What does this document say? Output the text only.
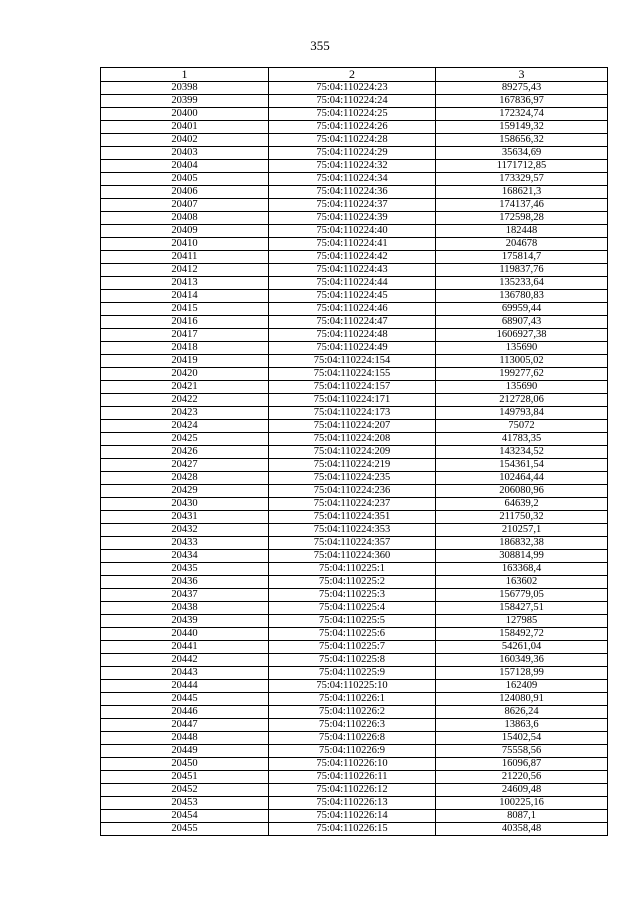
355
1	2	3
20398	75:04:110224:23	89275,43
20399	75:04:110224:24	167836,97
20400	75:04:110224:25	172324,74
20401	75:04:110224:26	159149,32
20402	75:04:110224:28	158656,32
20403	75:04:110224:29	35634,69
20404	75:04:110224:32	1171712,85
20405	75:04:110224:34	173329,57
20406	75:04:110224:36	168621,3
20407	75:04:110224:37	174137,46
20408	75:04:110224:39	172598,28
20409	75:04:110224:40	182448
20410	75:04:110224:41	204678
20411	75:04:110224:42	175814,7
20412	75:04:110224:43	119837,76
20413	75:04:110224:44	135233,64
20414	75:04:110224:45	136780,83
20415	75:04:110224:46	69959,44
20416	75:04:110224:47	68907,43
20417	75:04:110224:48	1606927,38
20418	75:04:110224:49	135690
20419	75:04:110224:154	113005,02
20420	75:04:110224:155	199277,62
20421	75:04:110224:157	135690
20422	75:04:110224:171	212728,06
20423	75:04:110224:173	149793,84
20424	75:04:110224:207	75072
20425	75:04:110224:208	41783,35
20426	75:04:110224:209	143234,52
20427	75:04:110224:219	154361,54
20428	75:04:110224:235	102464,44
20429	75:04:110224:236	206080,96
20430	75:04:110224:237	64639,2
20431	75:04:110224:351	211750,32
20432	75:04:110224:353	210257,1
20433	75:04:110224:357	186832,38
20434	75:04:110224:360	308814,99
20435	75:04:110225:1	163368,4
20436	75:04:110225:2	163602
20437	75:04:110225:3	156779,05
20438	75:04:110225:4	158427,51
20439	75:04:110225:5	127985
20440	75:04:110225:6	158492,72
20441	75:04:110225:7	54261,04
20442	75:04:110225:8	160349,36
20443	75:04:110225:9	157128,99
20444	75:04:110225:10	162409
20445	75:04:110226:1	124080,91
20446	75:04:110226:2	8626,24
20447	75:04:110226:3	13863,6
20448	75:04:110226:8	15402,54
20449	75:04:110226:9	75558,56
20450	75:04:110226:10	16096,87
20451	75:04:110226:11	21220,56
20452	75:04:110226:12	24609,48
20453	75:04:110226:13	100225,16
20454	75:04:110226:14	8087,1
20455	75:04:110226:15	40358,48
